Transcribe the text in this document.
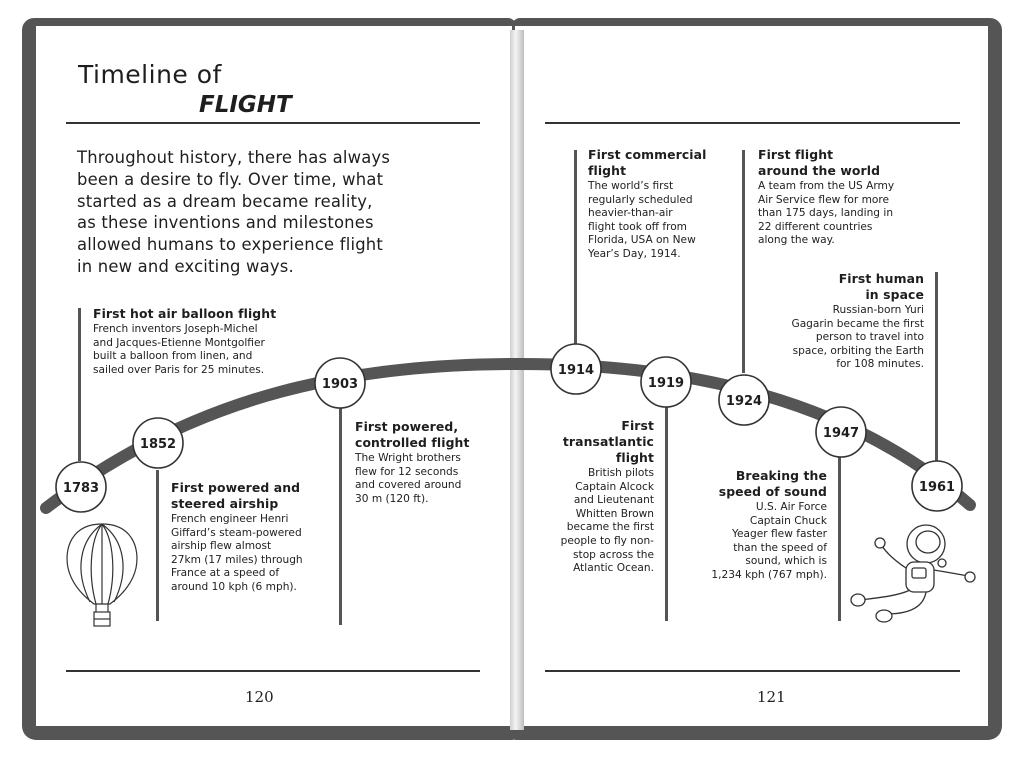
Timeline of
FLIGHT
Throughout history, there has always
been a desire to fly. Over time, what
started as a dream became reality,
as these inventions and milestones
allowed humans to experience flight
in new and exciting ways.
First hot air balloon flight
French inventors Joseph-Michel
and Jacques-Etienne Montgolfier
built a balloon from linen, and
sailed over Paris for 25 minutes.
First powered and
steered airship
French engineer Henri
Giffard’s steam-powered
airship flew almost
27km (17 miles) through
France at a speed of
around 10 kph (6 mph).
First powered,
controlled flight
The Wright brothers
flew for 12 seconds
and covered around
30 m (120 ft).
First commercial
flight
The world’s first
regularly scheduled
heavier-than-air
flight took off from
Florida, USA on New
Year’s Day, 1914.
First
transatlantic
flight
British pilots
Captain Alcock
and Lieutenant
Whitten Brown
became the first
people to fly non-
stop across the
Atlantic Ocean.
First flight
around the world
A team from the US Army
Air Service flew for more
than 175 days, landing in
22 different countries
along the way.
Breaking the
speed of sound
U.S. Air Force
Captain Chuck
Yeager flew faster
than the speed of
sound, which is
1,234 kph (767 mph).
First human
in space
Russian-born Yuri
Gagarin became the first
person to travel into
space, orbiting the Earth
for 108 minutes.
120	121
1783
1852
1903
1914
1919
1924
1947
1961
